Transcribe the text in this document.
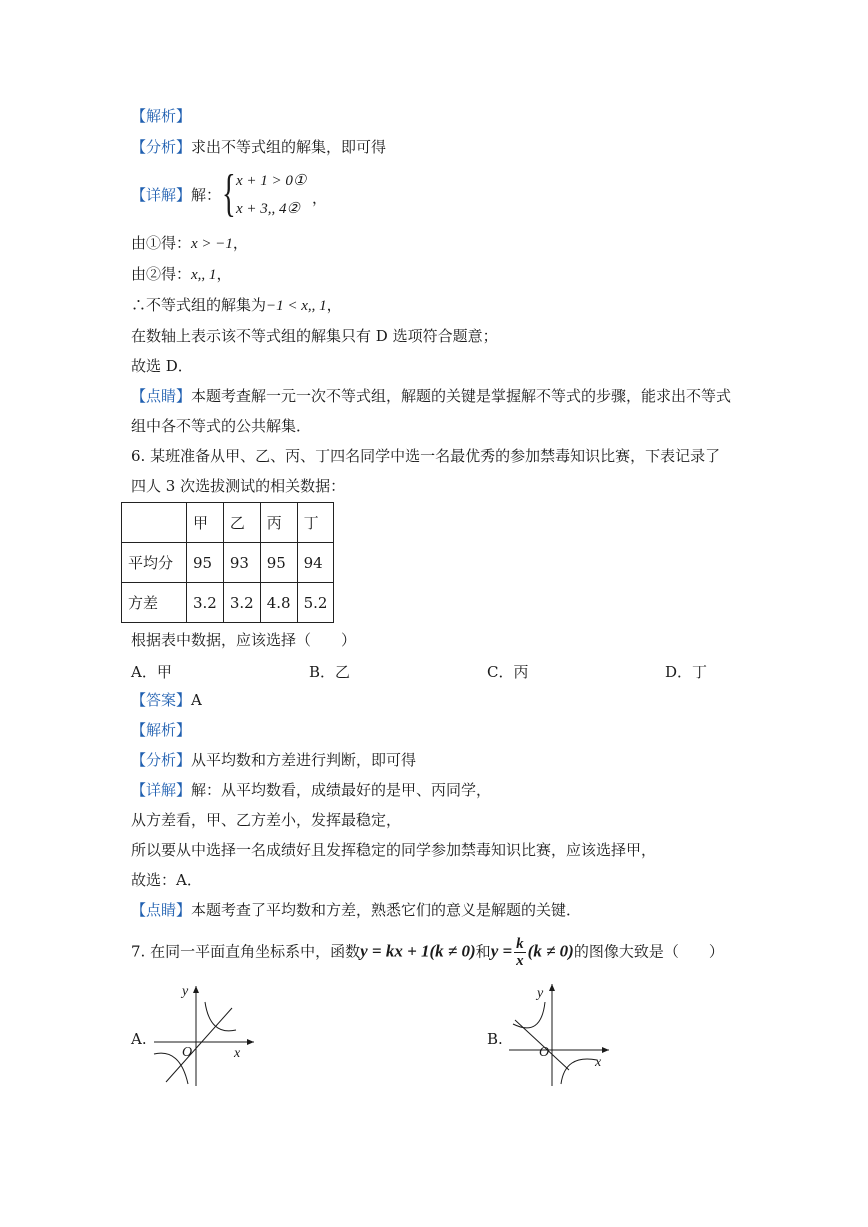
【解析】
【分析】求出不等式组的解集，即可得
【详解】解： { x + 1 > 0①
x + 3,, 4②
，
由①得：x > −1，
由②得：x,, 1，
∴不等式组的解集为−1 < x,, 1，
在数轴上表示该不等式组的解集只有 D 选项符合题意；
故选 D．
【点睛】本题考查解一元一次不等式组，解题的关键是掌握解不等式的步骤，能求出不等式
组中各不等式的公共解集．
6. 某班准备从甲、乙、丙、丁四名同学中选一名最优秀的参加禁毒知识比赛，下表记录了
四人 3 次选拔测试的相关数据：
	甲	乙	丙	丁
平均分	95	93	95	94
方差	3.2	3.2	4.8	5.2
根据表中数据，应该选择（　　）
A．甲	B．乙	C．丙	D．丁
【答案】A
【解析】
【分析】从平均数和方差进行判断，即可得
【详解】解：从平均数看，成绩最好的是甲、丙同学，
从方差看，甲、乙方差小，发挥最稳定，
所以要从中选择一名成绩好且发挥稳定的同学参加禁毒知识比赛，应该选择甲，
故选：A．
【点睛】本题考查了平均数和方差，熟悉它们的意义是解题的关键．
7. 在同一平面直角坐标系中，函数y = kx + 1(k ≠ 0)和$y = \frac{k}{x} (k \ne 0)$的图像大致是（　　）
A.
y
x
O
B.
y
x
O
